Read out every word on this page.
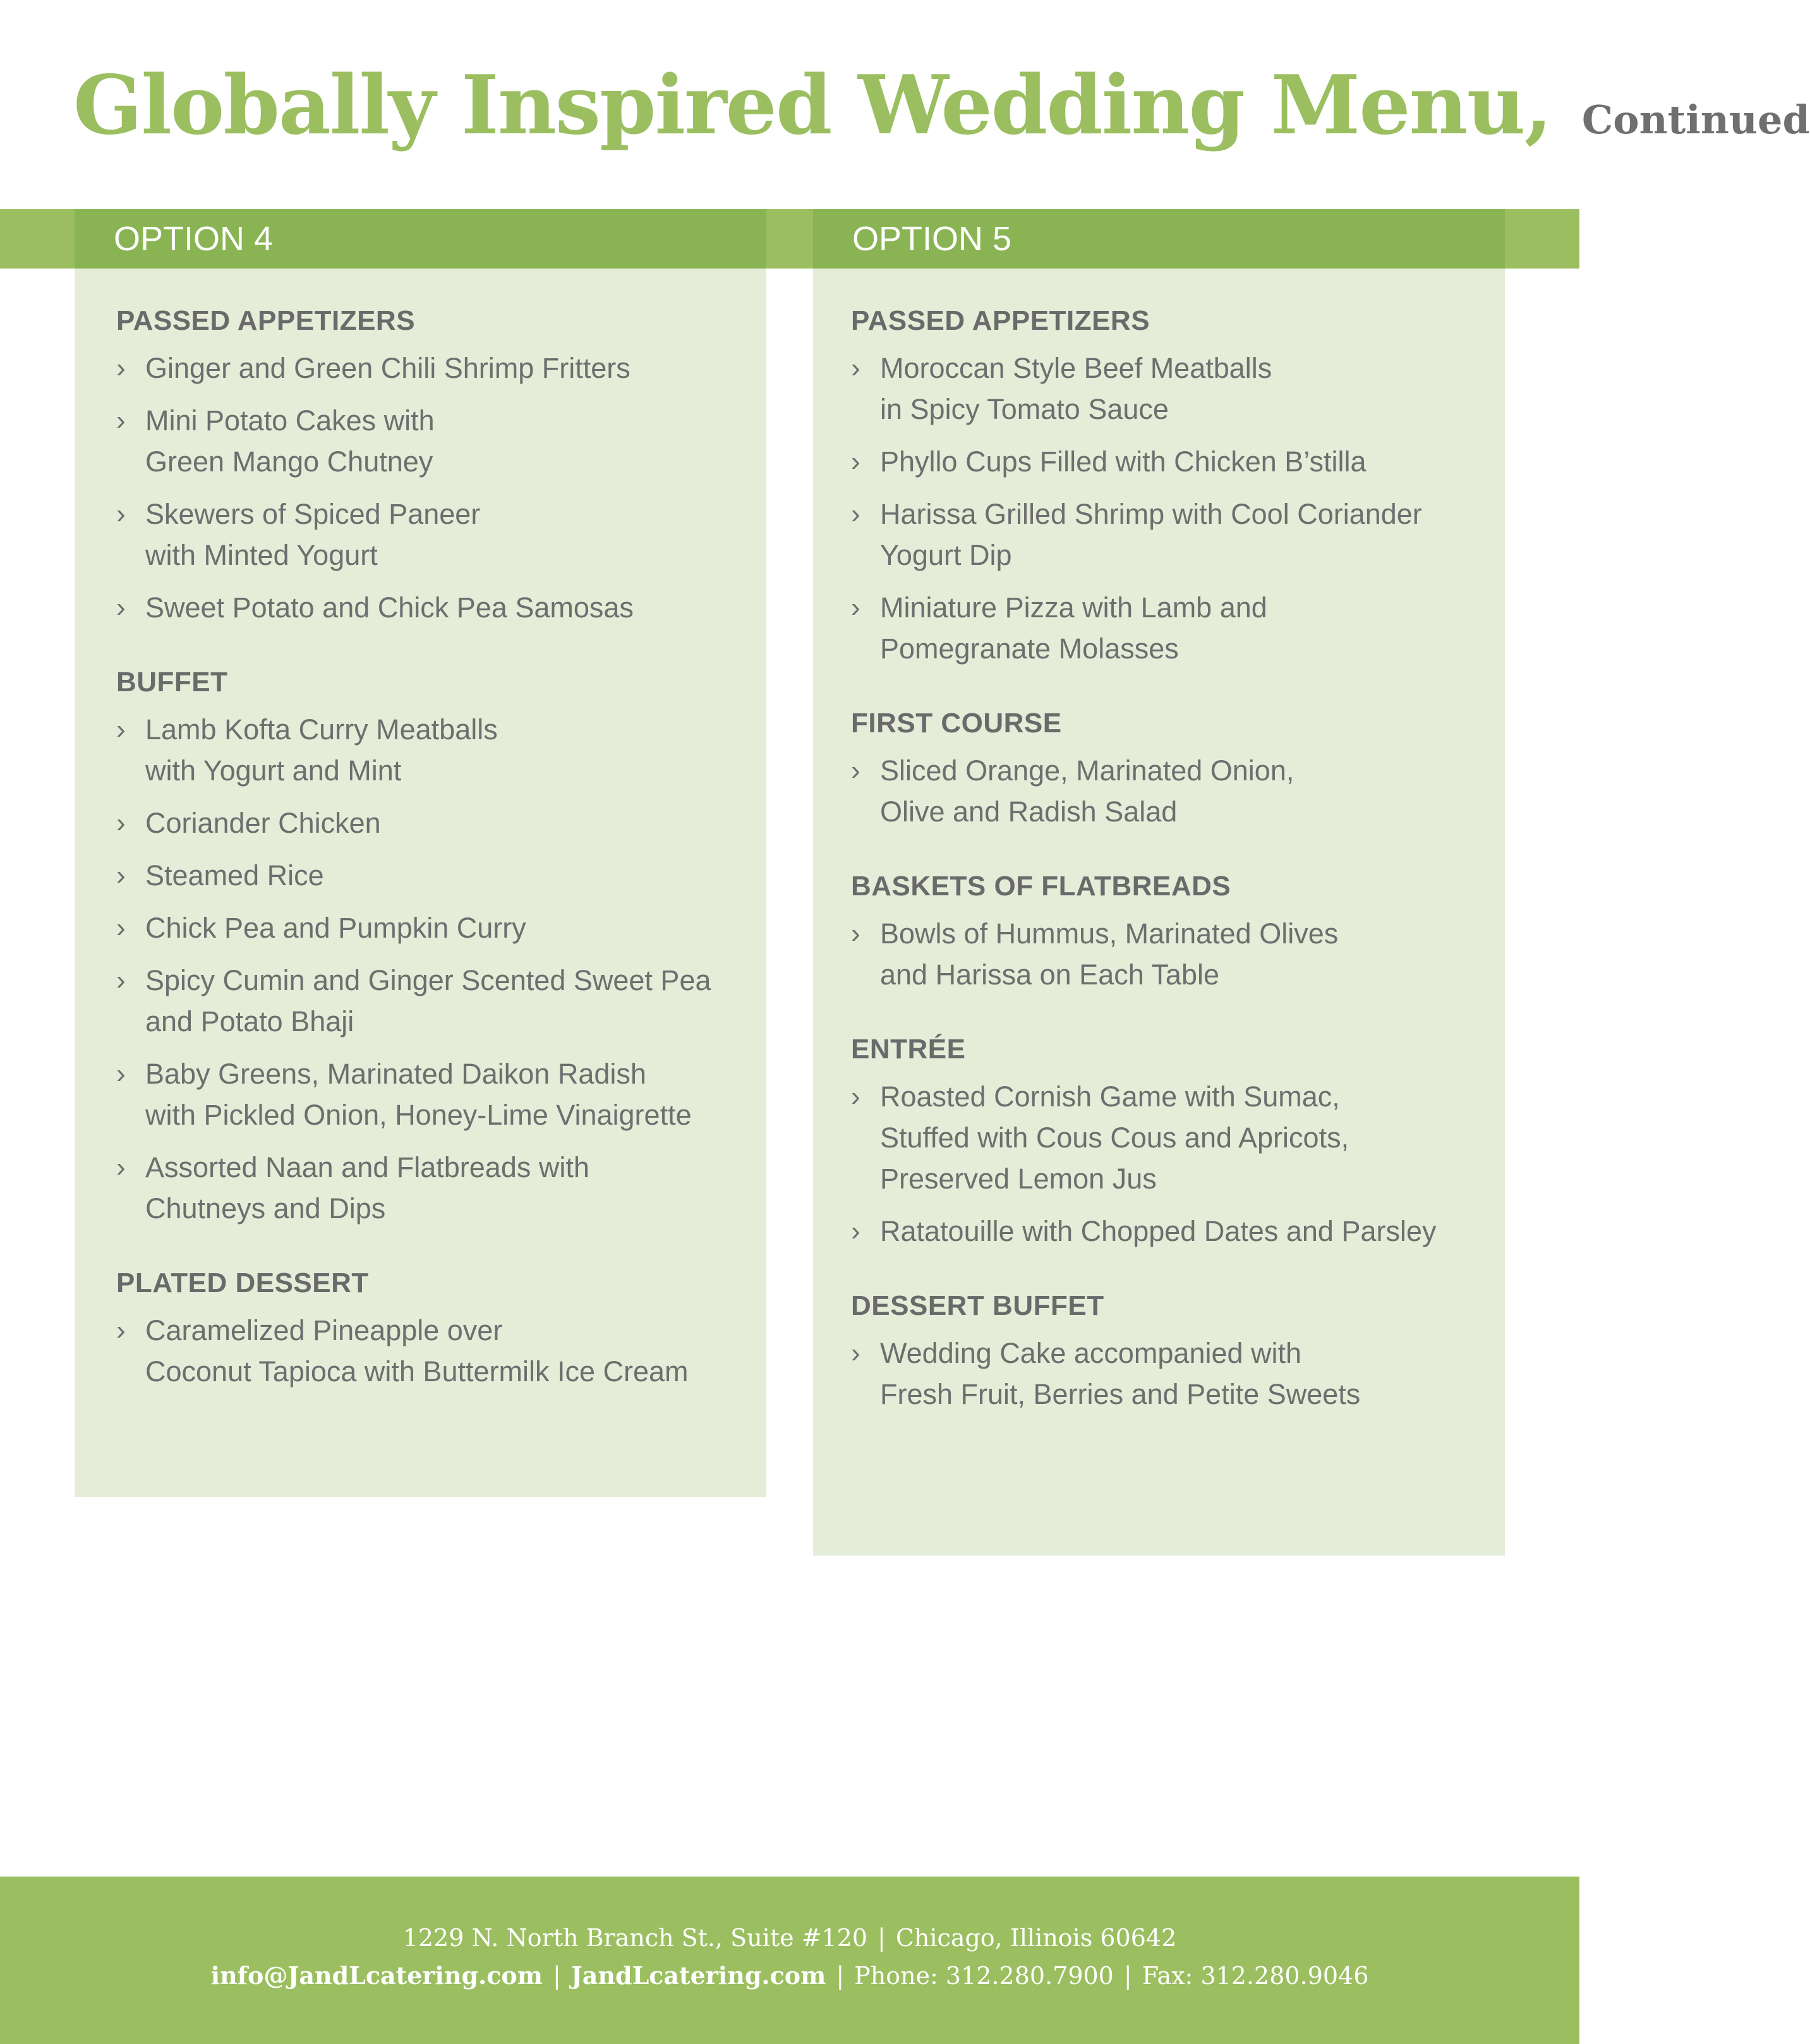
Globally Inspired Wedding Menu, Continued
OPTION 4
PASSED APPETIZERS
› Ginger and Green Chili Shrimp Fritters
› Mini Potato Cakes with
Green Mango Chutney
› Skewers of Spiced Paneer
with Minted Yogurt
› Sweet Potato and Chick Pea Samosas
BUFFET
› Lamb Kofta Curry Meatballs
with Yogurt and Mint
› Coriander Chicken
› Steamed Rice
› Chick Pea and Pumpkin Curry
› Spicy Cumin and Ginger Scented Sweet Pea
and Potato Bhaji
› Baby Greens, Marinated Daikon Radish
with Pickled Onion, Honey-Lime Vinaigrette
› Assorted Naan and Flatbreads with
Chutneys and Dips
PLATED DESSERT
› Caramelized Pineapple over
Coconut Tapioca with Buttermilk Ice Cream
OPTION 5
PASSED APPETIZERS
› Moroccan Style Beef Meatballs
in Spicy Tomato Sauce
› Phyllo Cups Filled with Chicken B’stilla
› Harissa Grilled Shrimp with Cool Coriander
Yogurt Dip
› Miniature Pizza with Lamb and
Pomegranate Molasses
FIRST COURSE
› Sliced Orange, Marinated Onion,
Olive and Radish Salad
BASKETS OF FLATBREADS
› Bowls of Hummus, Marinated Olives
and Harissa on Each Table
ENTRÉE
› Roasted Cornish Game with Sumac,
Stuffed with Cous Cous and Apricots,
Preserved Lemon Jus
› Ratatouille with Chopped Dates and Parsley
DESSERT BUFFET
› Wedding Cake accompanied with
Fresh Fruit, Berries and Petite Sweets
1229 N. North Branch St., Suite #120 | Chicago, Illinois 60642
info@JandLcatering.com | JandLcatering.com | Phone: 312.280.7900 | Fax: 312.280.9046
